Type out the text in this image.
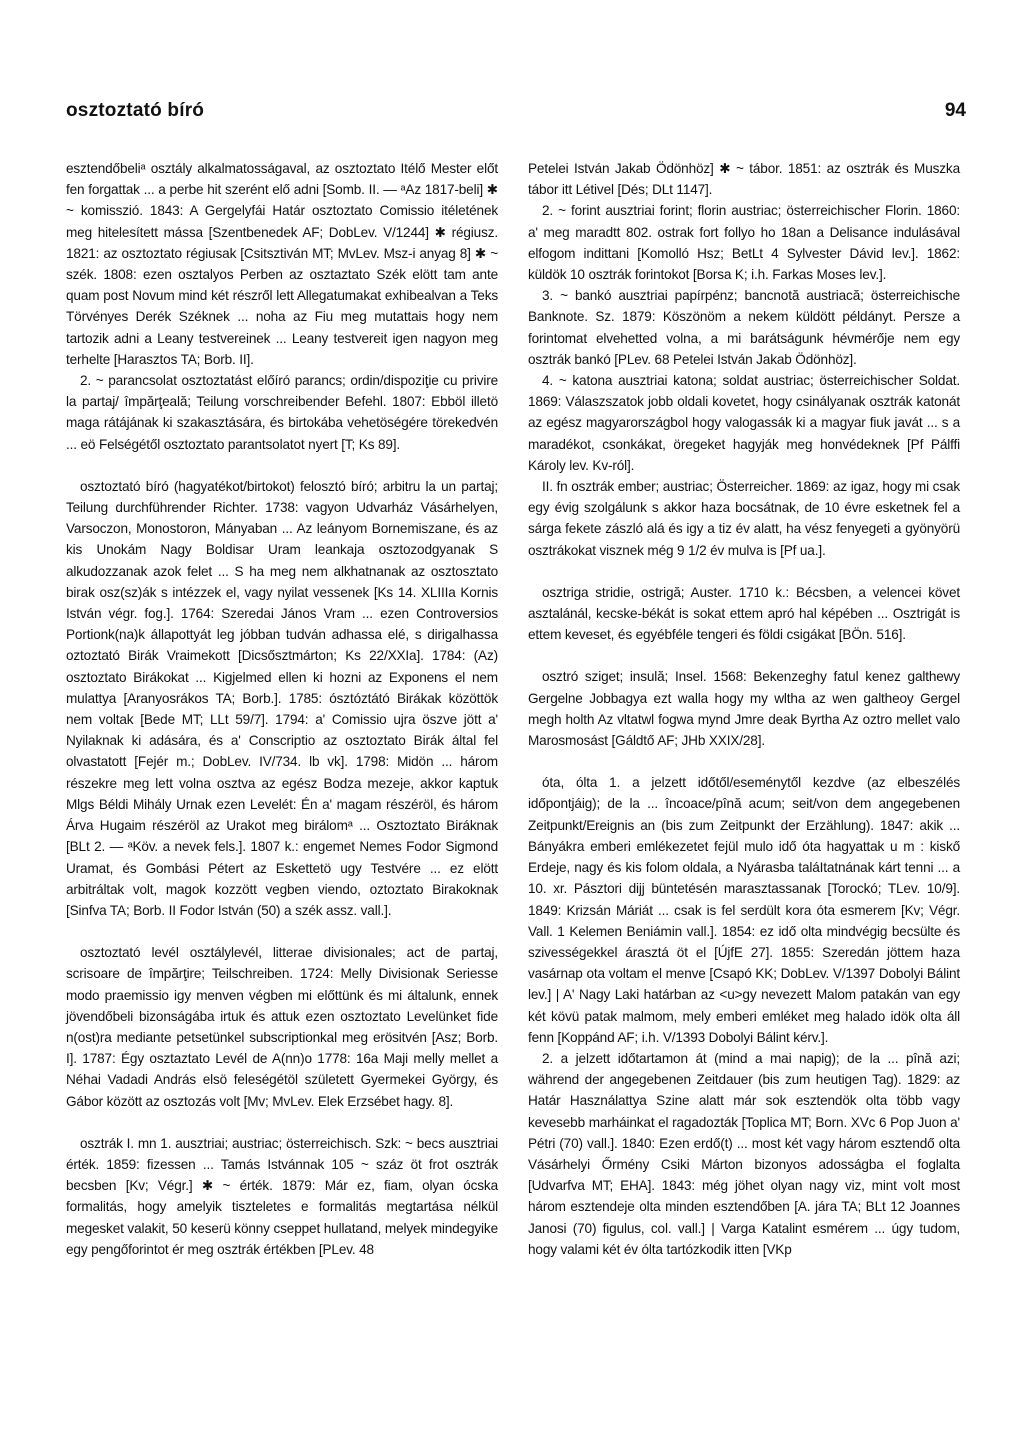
osztoztató bíró	94

esztendőbeliᵃ osztály alkalmatosságaval, az osztoztato Itélő Mester előt fen forgattak ... a perbe hit szerént elő adni [Somb. II. — ᵃAz 1817-beli] ✱ ~ komisszió. 1843: A Gergelyfái Határ osztoztato Comissio itéletének meg hitelesített mássa [Szentbenedek AF; DobLev. V/1244] ✱ régiusz. 1821: az osztoztato régiusak [Csitsztiván MT; MvLev. Msz-i anyag 8] ✱ ~ szék. 1808: ezen osztalyos Perben az osztaztato Szék elött tam ante quam post Novum mind két részről lett Allegatumakat exhibealvan a Teks Törvényes Derék Széknek ... noha az Fiu meg mutattais hogy nem tartozik adni a Leany testvereinek ... Leany testvereit igen nagyon meg terhelte [Harasztos TA; Borb. II].

2. ~ parancsolat osztoztatást előíró parancs; ordin/dispoziţie cu privire la partaj/ împărţeală; Teilung vorschreibender Befehl. 1807: Ebböl illetö maga rátájának ki szakasztására, és birtokába vehetöségére törekedvén ... eö Felségétől osztoztato parantsolatot nyert [T; Ks 89].

osztoztató bíró (hagyatékot/birtokot) felosztó bíró; arbitru la un partaj; Teilung durchführender Richter. 1738: vagyon Udvarház Vásárhelyen, Varsoczon, Monostoron, Mányaban ... Az leányom Bornemiszane, és az kis Unokám Nagy Boldisar Uram leankaja osztozodgyanak S alkudozzanak azok felet ... S ha meg nem alkhatnanak az osztosztato birak osz(sz)ák s intézzek el, vagy nyilat vessenek [Ks 14. XLIIIa Kornis István végr. fog.]. 1764: Szeredai János Vram ... ezen Controversios Portionk(na)k állapottyát leg jóbban tudván adhassa elé, s dirigalhassa oztoztató Birák Vraimekott [Dicsősztmárton; Ks 22/XXIa]. 1784: (Az) osztoztato Birákokat ... Kigjelmed ellen ki hozni az Exponens el nem mulattya [Aranyosrákos TA; Borb.]. 1785: ósztóztátó Birákak közöttök nem voltak [Bede MT; LLt 59/7]. 1794: a' Comissio ujra öszve jött a' Nyilaknak ki adására, és a' Conscriptio az osztoztato Birák által fel olvastatott [Fejér m.; DobLev. IV/734. lb vk]. 1798: Midön ... három részekre meg lett volna osztva az egész Bodza mezeje, akkor kaptuk Mlgs Béldi Mihály Urnak ezen Levelét: Én a' magam részéröl, és három Árva Hugaim részéröl az Urakot meg birálomᵃ ... Osztoztato Biráknak [BLt 2. — ᵃKöv. a nevek fels.]. 1807 k.: engemet Nemes Fodor Sigmond Uramat, és Gombási Pétert az Eskettetö ugy Testvére ... ez elött arbitráltak volt, magok kozzött vegben viendo, oztoztato Birakoknak [Sinfva TA; Borb. II Fodor István (50) a szék assz. vall.].

osztoztató levél osztálylevél, litterae divisionales; act de partaj, scrisoare de împărţire; Teilschreiben. 1724: Melly Divisionak Seriesse modo praemissio igy menven végben mi előttünk és mi általunk, ennek jövendőbeli bizonságába irtuk és attuk ezen osztoztato Levelünket fide n(ost)ra mediante petsetünkel subscriptionkal meg erösitvén [Asz; Borb. I]. 1787: Égy osztaztato Levél de A(nn)o 1778: 16a Maji melly mellet a Néhai Vadadi András elsö feleségétöl született Gyermekei György, és Gábor között az osztozás volt [Mv; MvLev. Elek Erzsébet hagy. 8].

osztrák I. mn 1. ausztriai; austriac; österreichisch. Szk: ~ becs ausztriai érték. 1859: fizessen ... Tamás Istvánnak 105 ~ száz öt frot osztrák becsben [Kv; Végr.] ✱ ~ érték. 1879: Már ez, fiam, olyan ócska formalitás, hogy amelyik tiszteletes e formalitás megtartása nélkül megesket valakit, 50 keserü könny cseppet hullatand, melyek mindegyike egy pengőforintot ér meg osztrák értékben [PLev. 48

Petelei István Jakab Ödönhöz] ✱ ~ tábor. 1851: az osztrák és Muszka tábor itt Létivel [Dés; DLt 1147].

2. ~ forint ausztriai forint; florin austriac; österreichischer Florin. 1860: a' meg maradtt 802. ostrak fort follyo ho 18an a Delisance indulásával elfogom indittani [Komolló Hsz; BetLt 4 Sylvester Dávid lev.]. 1862: küldök 10 osztrák forintokot [Borsa K; i.h. Farkas Moses lev.].

3. ~ bankó ausztriai papírpénz; bancnotă austriacă; österreichische Banknote. Sz. 1879: Köszönöm a nekem küldött példányt. Persze a forintomat elvehetted volna, a mi barátságunk hévmérője nem egy osztrák bankó [PLev. 68 Petelei István Jakab Ödönhöz].

4. ~ katona ausztriai katona; soldat austriac; österreichischer Soldat. 1869: Válaszszatok jobb oldali kovetet, hogy csinályanak osztrák katonát az egész magyarországbol hogy valogassák ki a magyar fiuk javát ... s a maradékot, csonkákat, öregeket hagyják meg honvédeknek [Pf Pálffi Károly lev. Kv-ról].

II. fn osztrák ember; austriac; Österreicher. 1869: az igaz, hogy mi csak egy évig szolgálunk s akkor haza bocsátnak, de 10 évre esketnek fel a sárga fekete zászló alá és igy a tiz év alatt, ha vész fenyegeti a gyönyörü osztrákokat visznek még 9 1/2 év mulva is [Pf ua.].

osztriga stridie, ostrigă; Auster. 1710 k.: Bécsben, a velencei követ asztalánál, kecske-békát is sokat ettem apró hal képében ... Osztrigát is ettem keveset, és egyébféle tengeri és földi csigákat [BÖn. 516].

osztró sziget; insulă; Insel. 1568: Bekenzeghy fatul kenez galthewy Gergelne Jobbagya ezt walla hogy my wltha az wen galtheoy Gergel megh holth Az vltatwl fogwa mynd Jmre deak Byrtha Az oztro mellet valo Marosmosást [Gáldtő AF; JHb XXIX/28].

óta, ólta 1. a jelzett időtől/eseménytől kezdve (az elbeszélés időpontjáig); de la ... încoace/pînă acum; seit/von dem angegebenen Zeitpunkt/Ereignis an (bis zum Zeitpunkt der Erzählung). 1847: akik ... Bányákra emberi emlékezetet fejül mulo idő óta hagyattak u m : kiskő Erdeje, nagy és kis folom oldala, a Nyárasba taláItatnának kárt tenni ... a 10. xr. Pásztori dijj büntetésén marasztassanak [Torockó; TLev. 10/9]. 1849: Krizsán Máriát ... csak is fel serdült kora óta esmerem [Kv; Végr. Vall. 1 Kelemen Beniámin vall.]. 1854: ez idő olta mindvégig becsülte és szivességekkel árasztá öt el [ÚjfE 27]. 1855: Szeredán jöttem haza vasárnap ota voltam el menve [Csapó KK; DobLev. V/1397 Dobolyi Bálint lev.] | A' Nagy Laki határban az <u>gy nevezett Malom patakán van egy két kövü patak malmom, mely emberi emléket meg halado idök olta áll fenn [Koppánd AF; i.h. V/1393 Dobolyi Bálint kérv.].

2. a jelzett időtartamon át (mind a mai napig); de la ... pînă azi; während der angegebenen Zeitdauer (bis zum heutigen Tag). 1829: az Határ Használattya Szine alatt már sok esztendök olta több vagy kevesebb marháinkat el ragadozták [Toplica MT; Born. XVc 6 Pop Juon a' Pétri (70) vall.]. 1840: Ezen erdő(t) ... most két vagy három esztendő olta Vásárhelyi Őrmény Csiki Márton bizonyos adosságba el foglalta [Udvarfva MT; EHA]. 1843: még jöhet olyan nagy viz, mint volt most három esztendeje olta minden esztendőben [A. jára TA; BLt 12 Joannes Janosi (70) figulus, col. vall.] | Varga Katalint esmérem ... úgy tudom, hogy valami két év ólta tartózkodik itten [VKp
